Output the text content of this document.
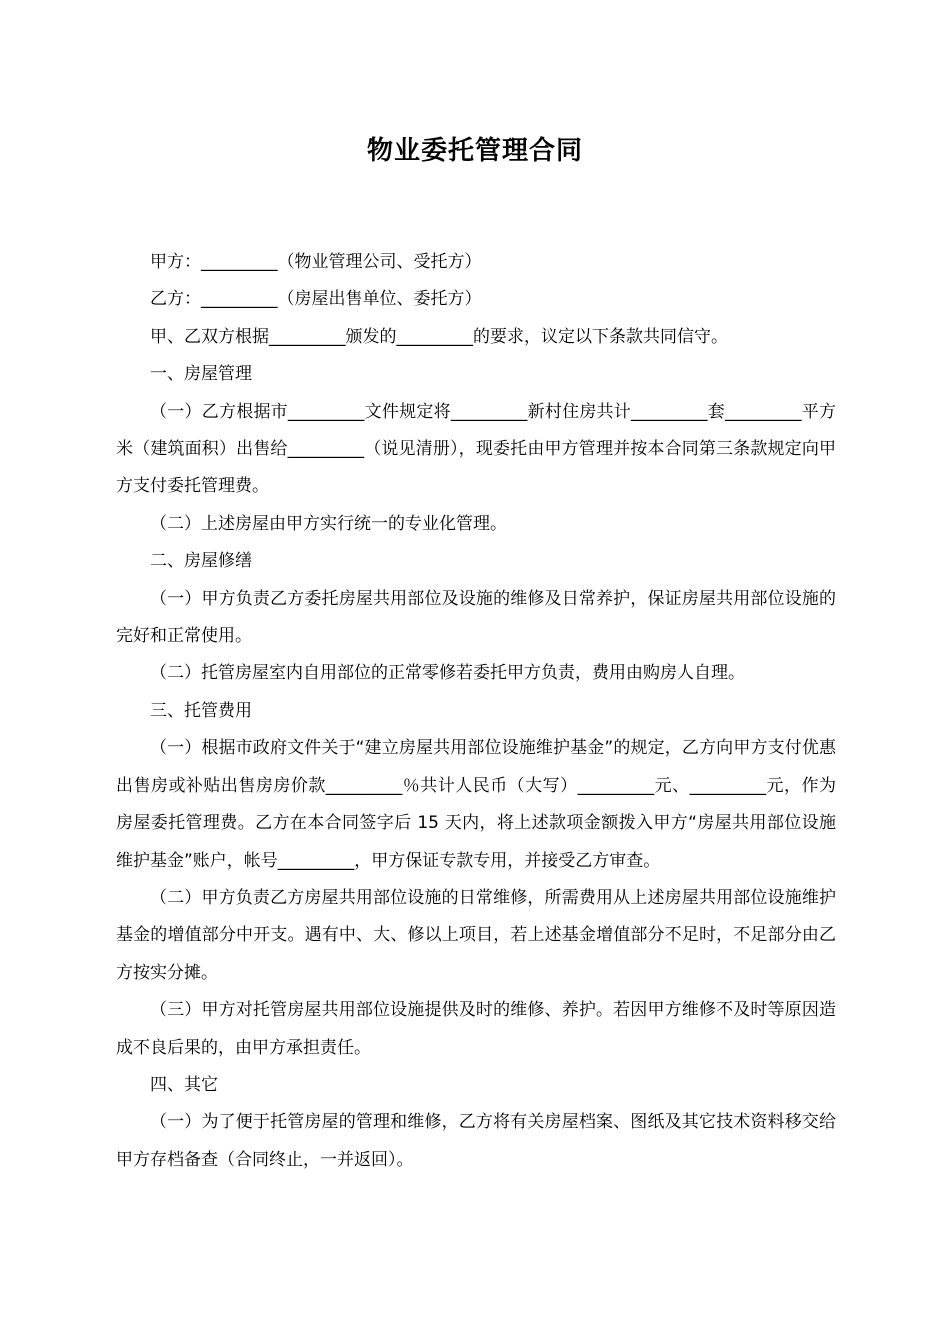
物业委托管理合同

甲方：_________（物业管理公司、受托方）

乙方：_________（房屋出售单位、委托方）

甲、乙双方根据_________颁发的_________的要求，议定以下条款共同信守。

一、房屋管理

（一）乙方根据市_________文件规定将_________新村住房共计_________套_________平方米（建筑面积）出售给_________（说见清册），现委托由甲方管理并按本合同第三条款规定向甲方支付委托管理费。

（二）上述房屋由甲方实行统一的专业化管理。

二、房屋修缮

（一）甲方负责乙方委托房屋共用部位及设施的维修及日常养护，保证房屋共用部位设施的完好和正常使用。

（二）托管房屋室内自用部位的正常零修若委托甲方负责，费用由购房人自理。

三、托管费用

（一）根据市政府文件关于“建立房屋共用部位设施维护基金”的规定，乙方向甲方支付优惠出售房或补贴出售房房价款_________％共计人民币（大写）_________元、_________元，作为房屋委托管理费。乙方在本合同签字后 15 天内，将上述款项金额拨入甲方“房屋共用部位设施维护基金”账户，帐号_________，甲方保证专款专用，并接受乙方审查。

（二）甲方负责乙方房屋共用部位设施的日常维修，所需费用从上述房屋共用部位设施维护基金的增值部分中开支。遇有中、大、修以上项目，若上述基金增值部分不足时，不足部分由乙方按实分摊。

（三）甲方对托管房屋共用部位设施提供及时的维修、养护。若因甲方维修不及时等原因造成不良后果的，由甲方承担责任。

四、其它

（一）为了便于托管房屋的管理和维修，乙方将有关房屋档案、图纸及其它技术资料移交给甲方存档备查（合同终止，一并返回）。
